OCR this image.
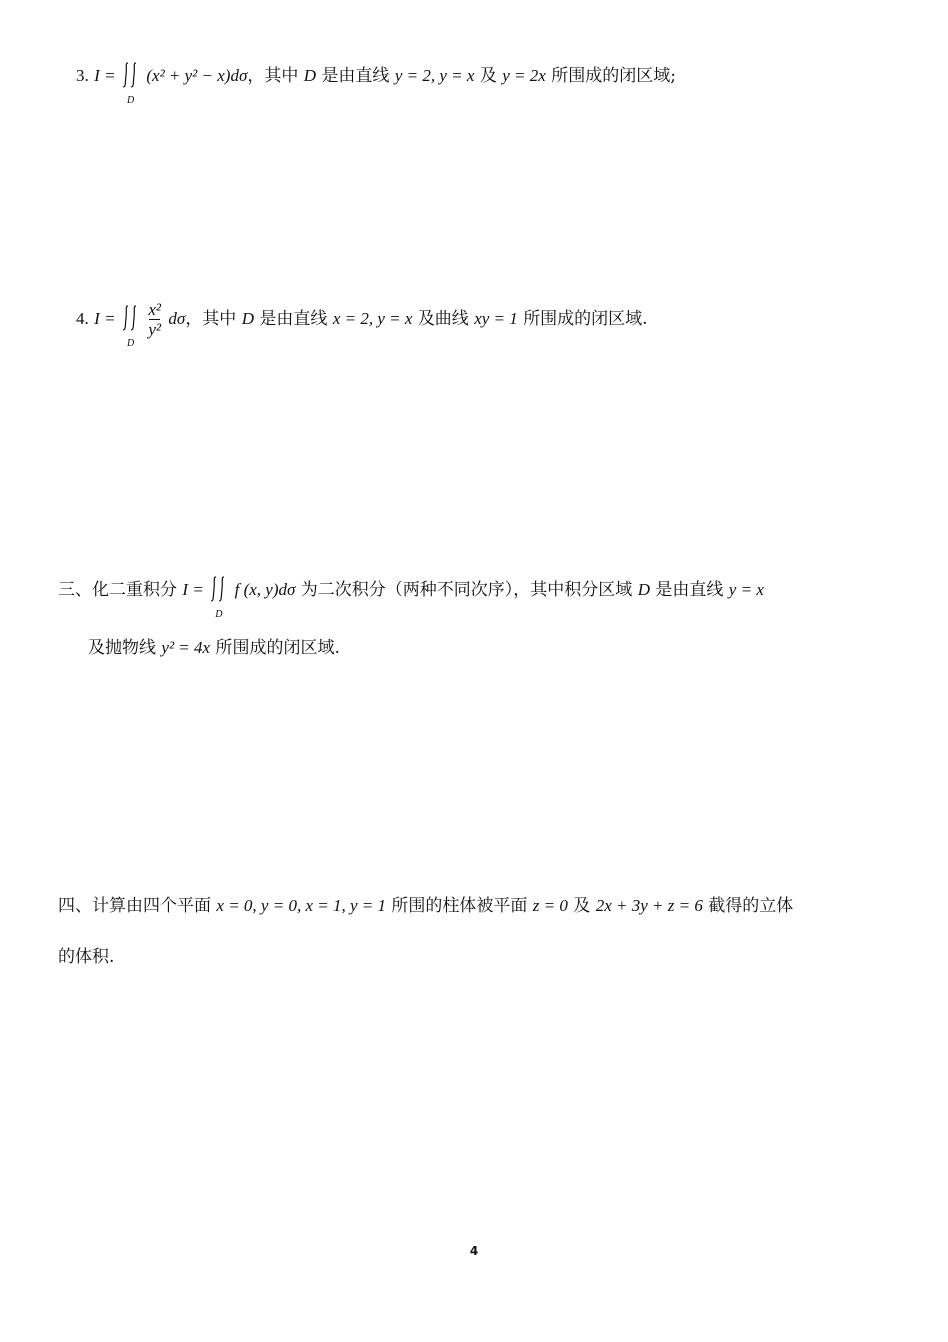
3. I =
D
(x² + y² − x)dσ，其中 D 是由直线 y = 2, y = x 及 y = 2x 所围成的闭区域;
4. I =
D

$\frac{\text{x²}}{\text{y²}}$ dσ，其中 D 是由直线 x = 2, y = x 及曲线 xy = 1 所围成的闭区域.
三、化二重积分 I =
D
f (x, y)dσ 为二次积分（两种不同次序），其中积分区域 D 是由直线 y = x
及抛物线 y² = 4x 所围成的闭区域.
四、计算由四个平面 x = 0, y = 0, x = 1, y = 1 所围的柱体被平面 z = 0 及 2x + 3y + z = 6 截得的立体
的体积.
4
